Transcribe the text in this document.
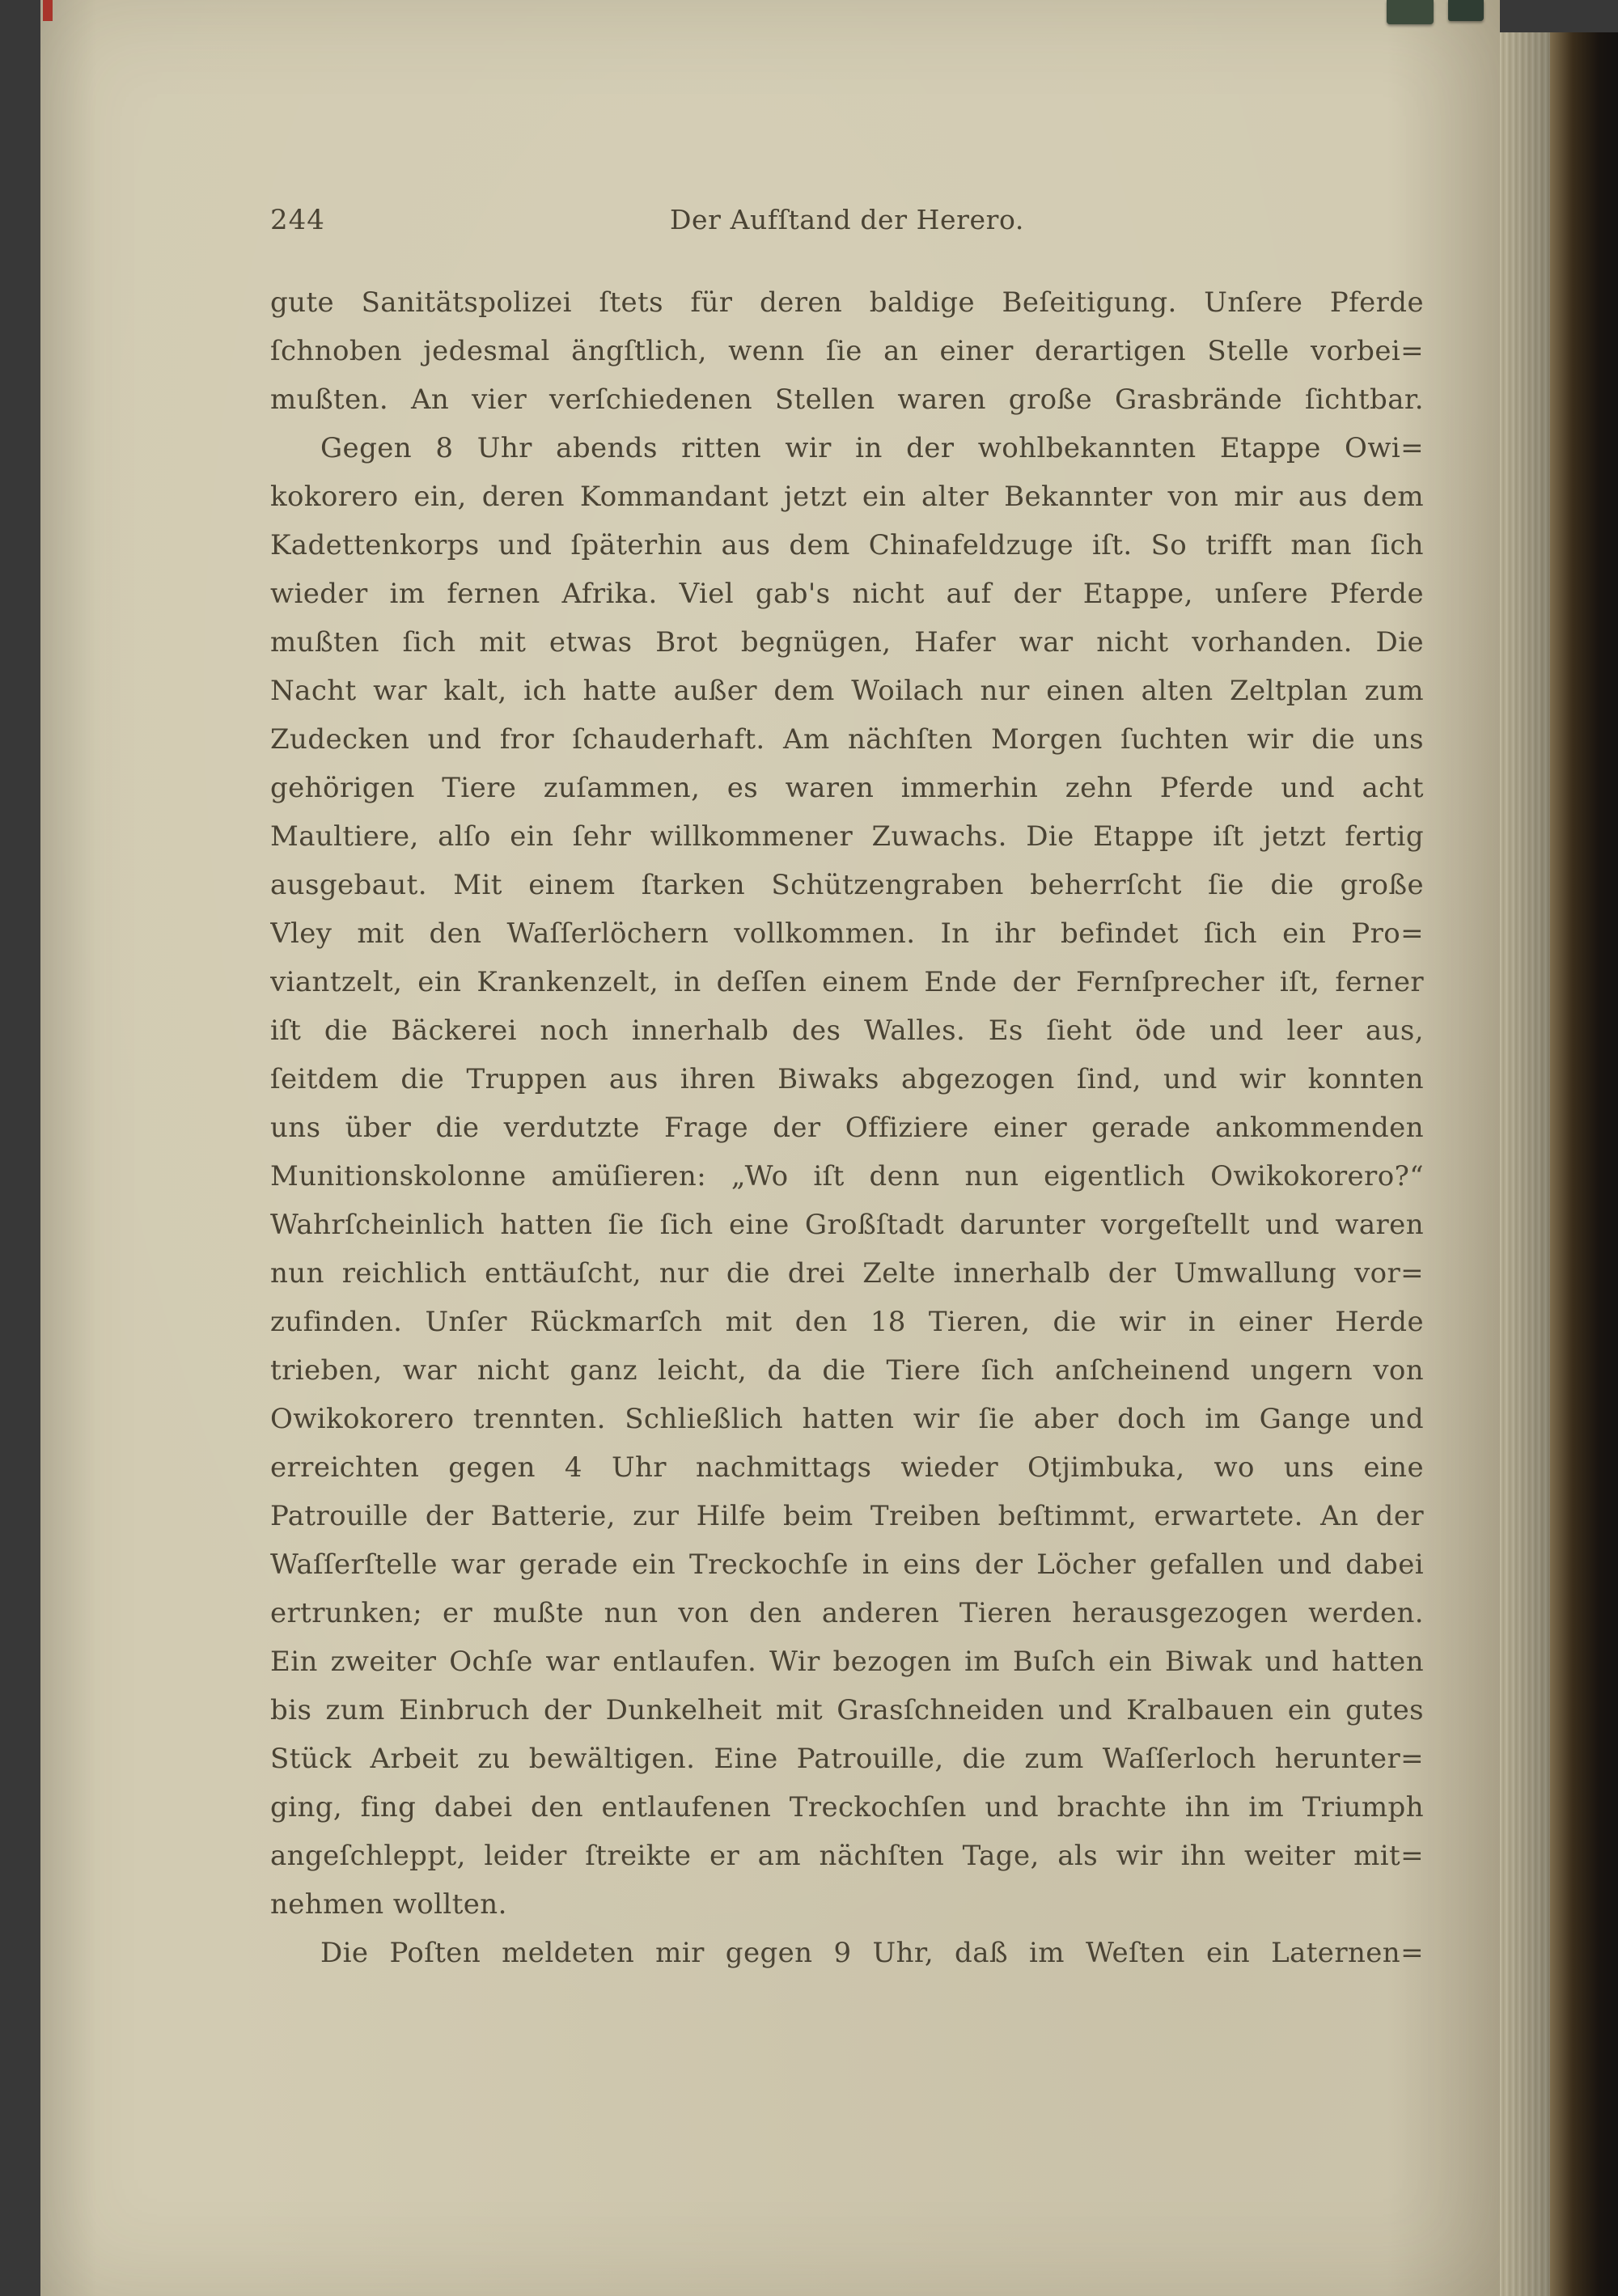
244	Der Aufſtand der Herero.
gute Sanitätspolizei ſtets für deren baldige Beſeitigung. Unſere Pferde
ſchnoben jedesmal ängſtlich, wenn ſie an einer derartigen Stelle vorbei=
mußten. An vier verſchiedenen Stellen waren große Grasbrände ſichtbar.
Gegen 8 Uhr abends ritten wir in der wohlbekannten Etappe Owi=
kokorero ein, deren Kommandant jetzt ein alter Bekannter von mir aus dem
Kadettenkorps und ſpäterhin aus dem Chinafeldzuge iſt. So trifft man ſich
wieder im fernen Afrika. Viel gab's nicht auf der Etappe, unſere Pferde
mußten ſich mit etwas Brot begnügen, Hafer war nicht vorhanden. Die
Nacht war kalt, ich hatte außer dem Woilach nur einen alten Zeltplan zum
Zudecken und fror ſchauderhaft. Am nächſten Morgen ſuchten wir die uns
gehörigen Tiere zuſammen, es waren immerhin zehn Pferde und acht
Maultiere, alſo ein ſehr willkommener Zuwachs. Die Etappe iſt jetzt fertig
ausgebaut. Mit einem ſtarken Schützengraben beherrſcht ſie die große
Vley mit den Waſſerlöchern vollkommen. In ihr befindet ſich ein Pro=
viantzelt, ein Krankenzelt, in deſſen einem Ende der Fernſprecher iſt, ferner
iſt die Bäckerei noch innerhalb des Walles. Es ſieht öde und leer aus,
ſeitdem die Truppen aus ihren Biwaks abgezogen ſind, und wir konnten
uns über die verdutzte Frage der Offiziere einer gerade ankommenden
Munitionskolonne amüſieren: „Wo iſt denn nun eigentlich Owikokorero?“
Wahrſcheinlich hatten ſie ſich eine Großſtadt darunter vorgeſtellt und waren
nun reichlich enttäuſcht, nur die drei Zelte innerhalb der Umwallung vor=
zufinden. Unſer Rückmarſch mit den 18 Tieren, die wir in einer Herde
trieben, war nicht ganz leicht, da die Tiere ſich anſcheinend ungern von
Owikokorero trennten. Schließlich hatten wir ſie aber doch im Gange und
erreichten gegen 4 Uhr nachmittags wieder Otjimbuka, wo uns eine
Patrouille der Batterie, zur Hilfe beim Treiben beſtimmt, erwartete. An der
Waſſerſtelle war gerade ein Treckochſe in eins der Löcher gefallen und dabei
ertrunken; er mußte nun von den anderen Tieren herausgezogen werden.
Ein zweiter Ochſe war entlaufen. Wir bezogen im Buſch ein Biwak und hatten
bis zum Einbruch der Dunkelheit mit Grasſchneiden und Kralbauen ein gutes
Stück Arbeit zu bewältigen. Eine Patrouille, die zum Waſſerloch herunter=
ging, fing dabei den entlaufenen Treckochſen und brachte ihn im Triumph
angeſchleppt, leider ſtreikte er am nächſten Tage, als wir ihn weiter mit=
nehmen wollten.
Die Poſten meldeten mir gegen 9 Uhr, daß im Weſten ein Laternen=
